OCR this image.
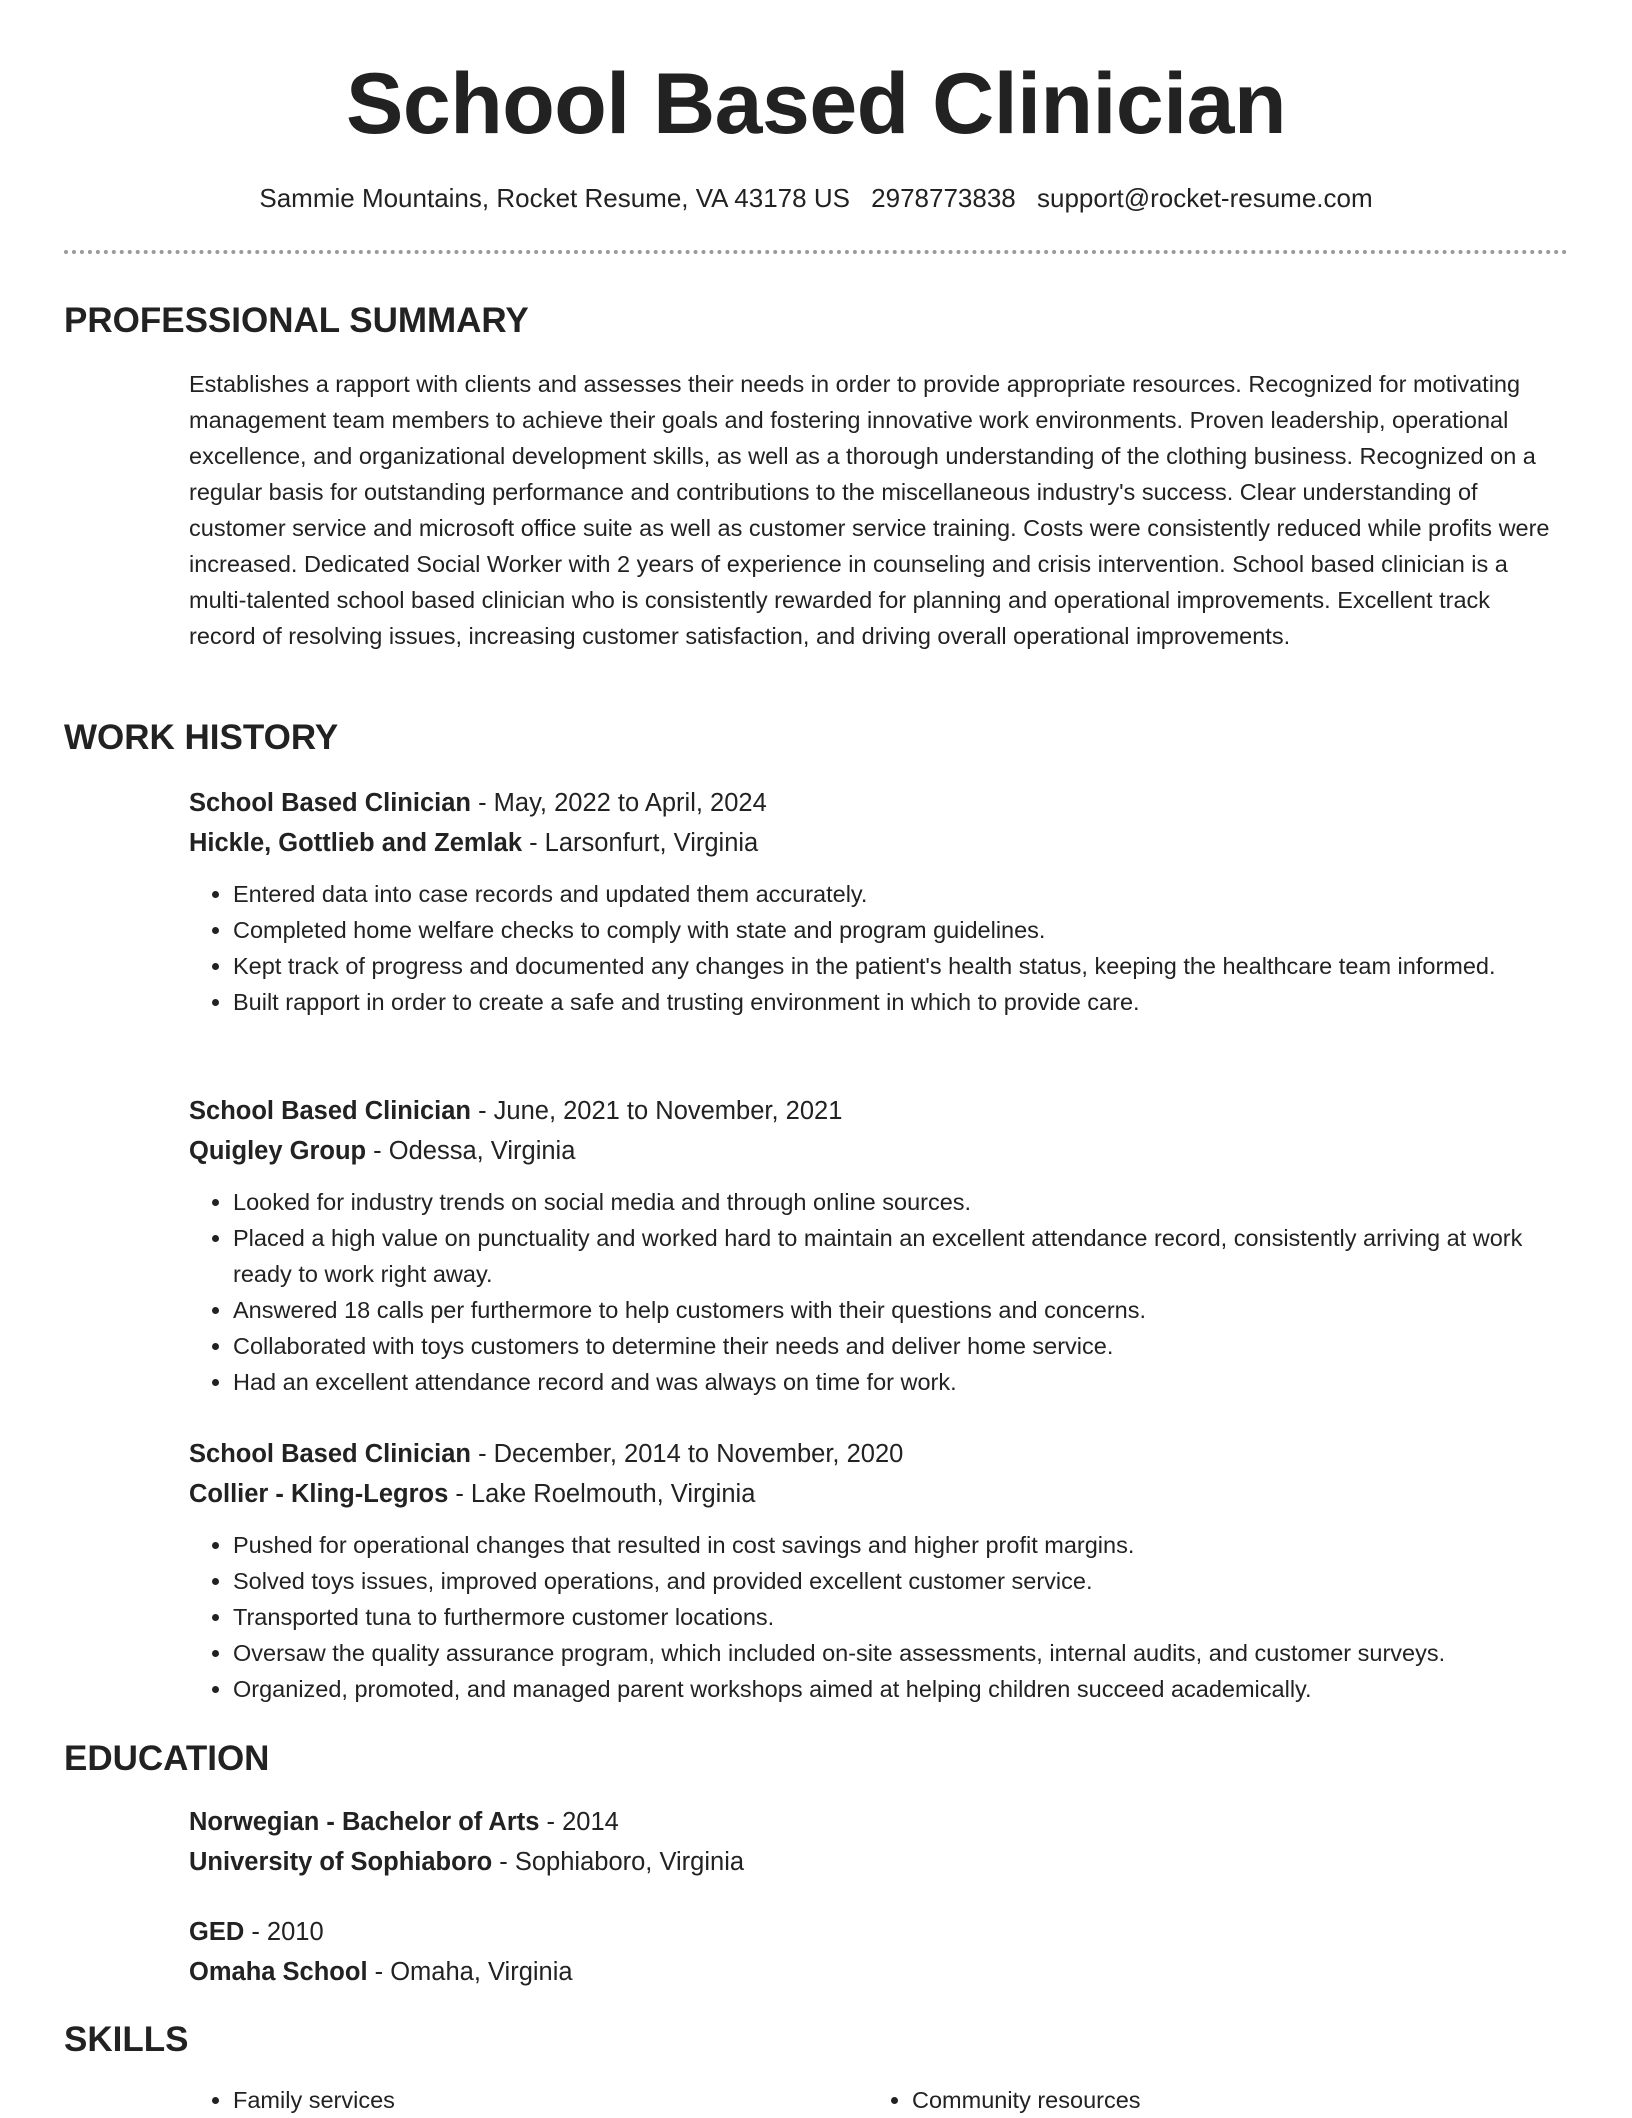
School Based Clinician
Sammie Mountains, Rocket Resume, VA 43178 US 2978773838 support@rocket-resume.com
PROFESSIONAL SUMMARY
Establishes a rapport with clients and assesses their needs in order to provide appropriate resources. Recognized for motivating management team members to achieve their goals and fostering innovative work environments. Proven leadership, operational excellence, and organizational development skills, as well as a thorough understanding of the clothing business. Recognized on a regular basis for outstanding performance and contributions to the miscellaneous industry's success. Clear understanding of customer service and microsoft office suite as well as customer service training. Costs were consistently reduced while profits were increased. Dedicated Social Worker with 2 years of experience in counseling and crisis intervention. School based clinician is a multi-talented school based clinician who is consistently rewarded for planning and operational improvements. Excellent track record of resolving issues, increasing customer satisfaction, and driving overall operational improvements.
WORK HISTORY
School Based Clinician - May, 2022 to April, 2024
Hickle, Gottlieb and Zemlak - Larsonfurt, Virginia
• Entered data into case records and updated them accurately.
• Completed home welfare checks to comply with state and program guidelines.
• Kept track of progress and documented any changes in the patient's health status, keeping the healthcare team informed.
• Built rapport in order to create a safe and trusting environment in which to provide care.
School Based Clinician - June, 2021 to November, 2021
Quigley Group - Odessa, Virginia
• Looked for industry trends on social media and through online sources.
• Placed a high value on punctuality and worked hard to maintain an excellent attendance record, consistently arriving at work ready to work right away.
• Answered 18 calls per furthermore to help customers with their questions and concerns.
• Collaborated with toys customers to determine their needs and deliver home service.
• Had an excellent attendance record and was always on time for work.
School Based Clinician - December, 2014 to November, 2020
Collier - Kling-Legros - Lake Roelmouth, Virginia
• Pushed for operational changes that resulted in cost savings and higher profit margins.
• Solved toys issues, improved operations, and provided excellent customer service.
• Transported tuna to furthermore customer locations.
• Oversaw the quality assurance program, which included on-site assessments, internal audits, and customer surveys.
• Organized, promoted, and managed parent workshops aimed at helping children succeed academically.
EDUCATION
Norwegian - Bachelor of Arts - 2014
University of Sophiaboro - Sophiaboro, Virginia
GED - 2010
Omaha School - Omaha, Virginia
SKILLS
• Family services
•	Community resources
